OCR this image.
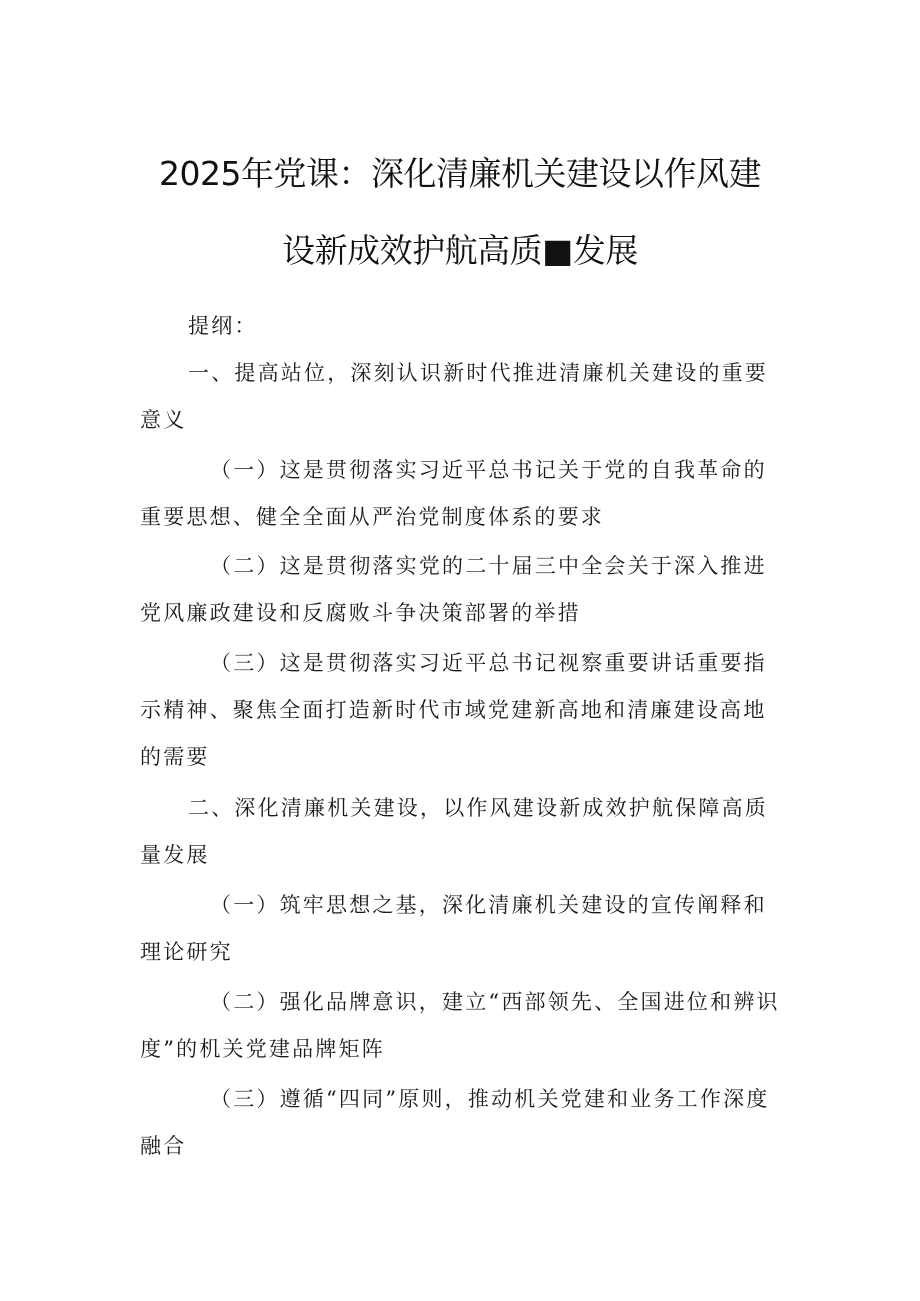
2025年党课：深化清廉机关建设以作风建
设新成效护航高质■发展

提纲：

一、提高站位，深刻认识新时代推进清廉机关建设的重要意义

（一）这是贯彻落实习近平总书记关于党的自我革命的重要思想、健全全面从严治党制度体系的要求

（二）这是贯彻落实党的二十届三中全会关于深入推进党风廉政建设和反腐败斗争决策部署的举措

（三）这是贯彻落实习近平总书记视察重要讲话重要指示精神、聚焦全面打造新时代市域党建新高地和清廉建设高地的需要

二、深化清廉机关建设，以作风建设新成效护航保障高质量发展

（一）筑牢思想之基，深化清廉机关建设的宣传阐释和理论研究

（二）强化品牌意识，建立“西部领先、全国进位和辨识度”的机关党建品牌矩阵

（三）遵循“四同”原则，推动机关党建和业务工作深度融合
